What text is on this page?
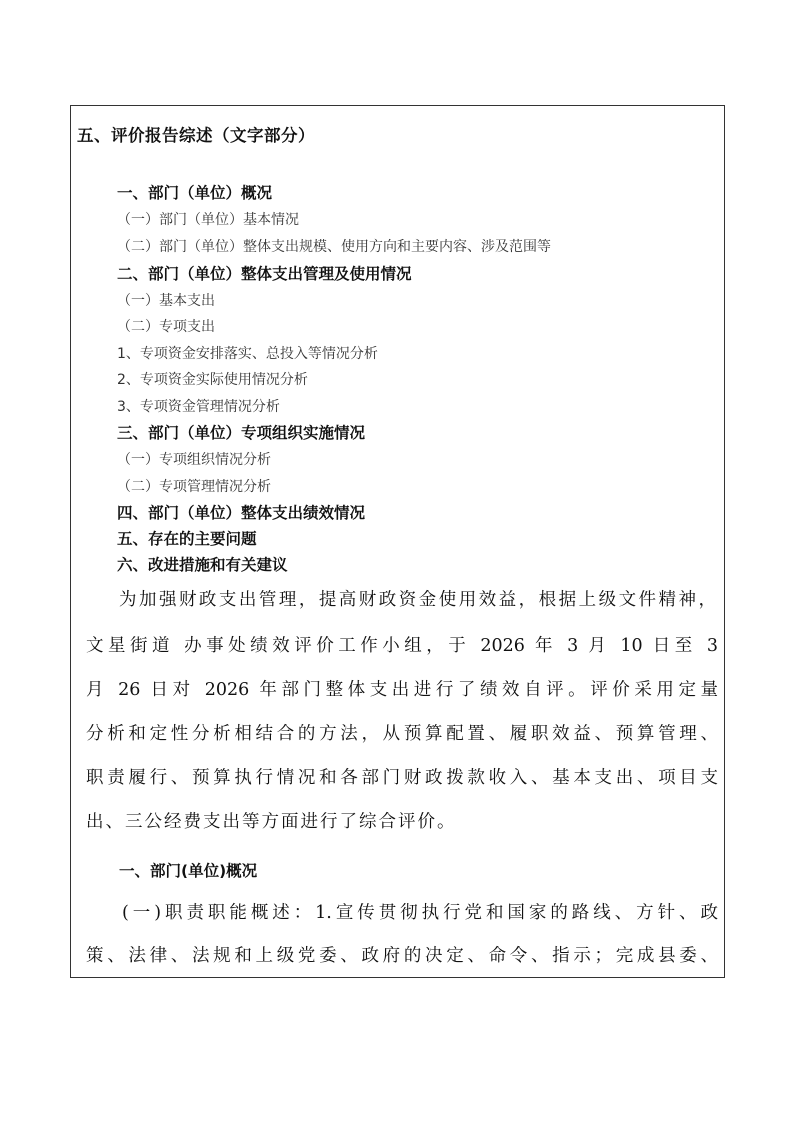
五、评价报告综述（文字部分）

一、部门（单位）概况

（一）部门（单位）基本情况

（二）部门（单位）整体支出规模、使用方向和主要内容、涉及范围等

二、部门（单位）整体支出管理及使用情况

（一）基本支出

（二）专项支出

1、专项资金安排落实、总投入等情况分析

2、专项资金实际使用情况分析

3、专项资金管理情况分析

三、部门（单位）专项组织实施情况

（一）专项组织情况分析

（二）专项管理情况分析

四、部门（单位）整体支出绩效情况

五、存在的主要问题

六、改进措施和有关建议

为加强财政支出管理，提高财政资金使用效益，根据上级文件精神，
文星街道 办事处绩效评价工作小组，于 2026 年 3 月 10 日至 3
月 26 日对 2026 年部门整体支出进行了绩效自评。评价采用定量
分析和定性分析相结合的方法，从预算配置、履职效益、预算管理、
职责履行、预算执行情况和各部门财政拨款收入、基本支出、项目支
出、三公经费支出等方面进行了综合评价。
一、部门(单位)概况
(一)职责职能概述：1.宣传贯彻执行党和国家的路线、方针、政
策、法律、法规和上级党委、政府的决定、命令、指示；完成县委、
